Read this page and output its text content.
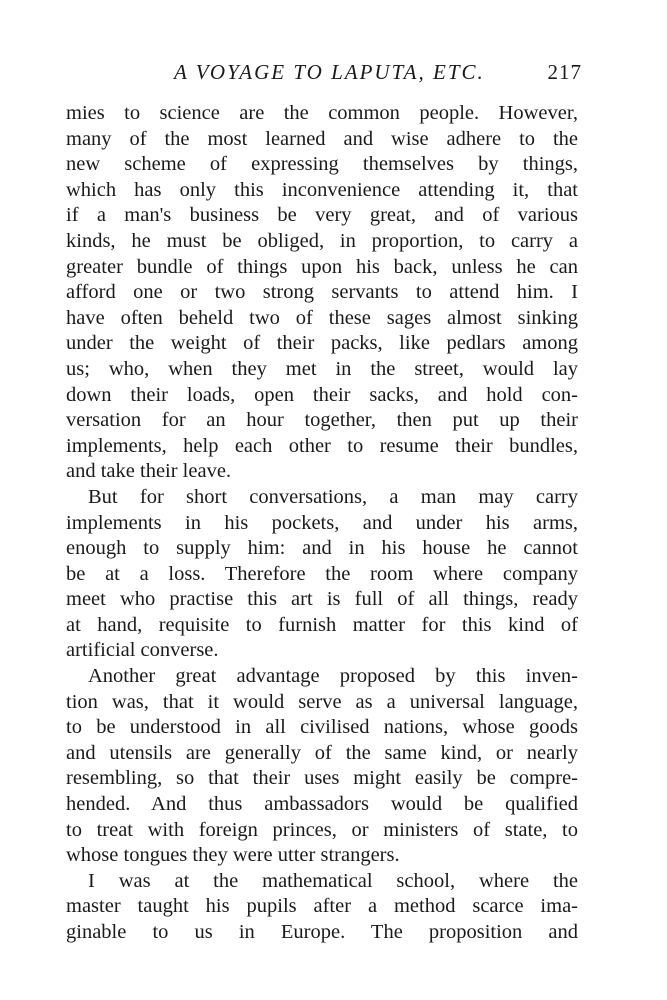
A VOYAGE TO LAPUTA, ETC.	217
mies to science are the common people. However,
many of the most learned and wise adhere to the
new scheme of expressing themselves by things,
which has only this inconvenience attending it, that
if a man's business be very great, and of various
kinds, he must be obliged, in proportion, to carry a
greater bundle of things upon his back, unless he can
afford one or two strong servants to attend him. I
have often beheld two of these sages almost sinking
under the weight of their packs, like pedlars among
us; who, when they met in the street, would lay
down their loads, open their sacks, and hold con-
versation for an hour together, then put up their
implements, help each other to resume their bundles,
and take their leave.
But for short conversations, a man may carry
implements in his pockets, and under his arms,
enough to supply him: and in his house he cannot
be at a loss. Therefore the room where company
meet who practise this art is full of all things, ready
at hand, requisite to furnish matter for this kind of
artificial converse.
Another great advantage proposed by this inven-
tion was, that it would serve as a universal language,
to be understood in all civilised nations, whose goods
and utensils are generally of the same kind, or nearly
resembling, so that their uses might easily be compre-
hended. And thus ambassadors would be qualified
to treat with foreign princes, or ministers of state, to
whose tongues they were utter strangers.
I was at the mathematical school, where the
master taught his pupils after a method scarce ima-
ginable to us in Europe. The proposition and
